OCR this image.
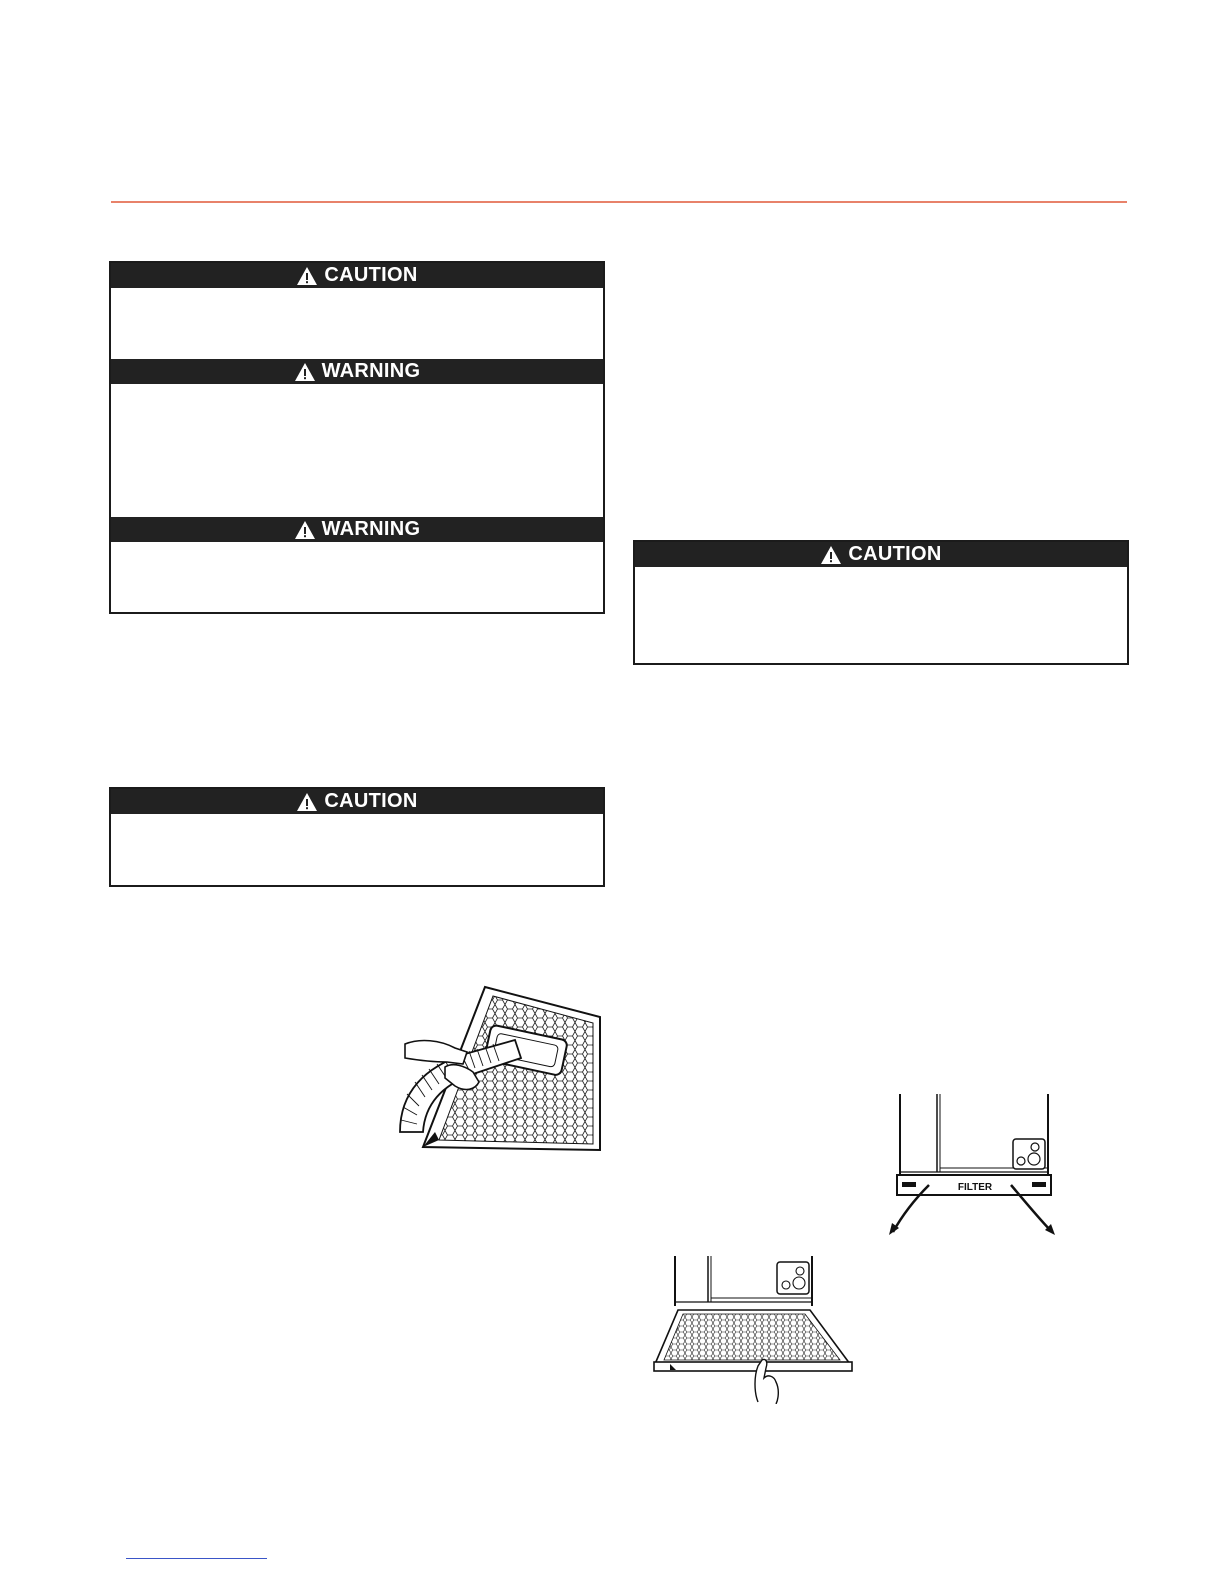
CAUTION
WARNING
WARNING
CAUTION
CAUTION
FILTER
